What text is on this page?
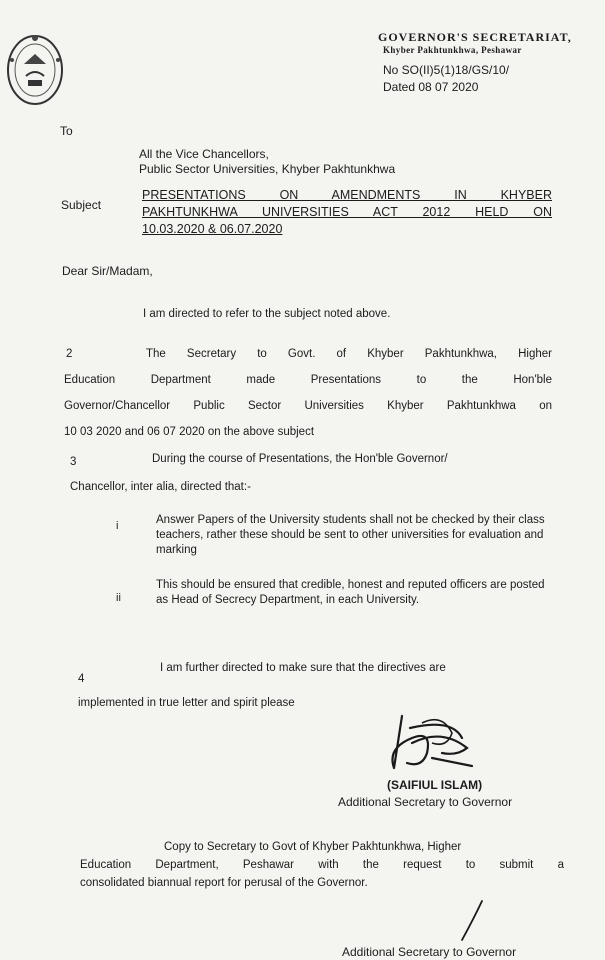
GOVERNOR'S SECRETARIAT,
Khyber Pakhtunkhwa, Peshawar
No SO(II)5(1)18/GS/10/
Dated 08 07 2020
To
All the Vice Chancellors,
Public Sector Universities, Khyber Pakhtunkhwa
Subject
PRESENTATIONS ON AMENDMENTS IN KHYBER
PAKHTUNKHWA UNIVERSITIES ACT 2012 HELD ON
10.03.2020 & 06.07.2020
Dear Sir/Madam,
I am directed to refer to the subject noted above.
2	The Secretary to Govt. of Khyber Pakhtunkhwa, Higher
Education Department made Presentations to the Hon'ble
Governor/Chancellor Public Sector Universities Khyber Pakhtunkhwa on
10 03 2020 and 06 07 2020 on the above subject
3	During the course of Presentations, the Hon'ble Governor/
Chancellor, inter alia, directed that:-
i	Answer Papers of the University students shall not be checked by their class teachers, rather these should be sent to other universities for evaluation and marking
ii
This should be ensured that credible, honest and reputed officers are posted as Head of Secrecy Department, in each University.
4
I am further directed to make sure that the directives are
implemented in true letter and spirit please
(SAIFIUL ISLAM)
Additional Secretary to Governor
Copy to Secretary to Govt of Khyber Pakhtunkhwa, Higher
Education Department, Peshawar with the request to submit a
consolidated biannual report for perusal of the Governor.
Additional Secretary to Governor
